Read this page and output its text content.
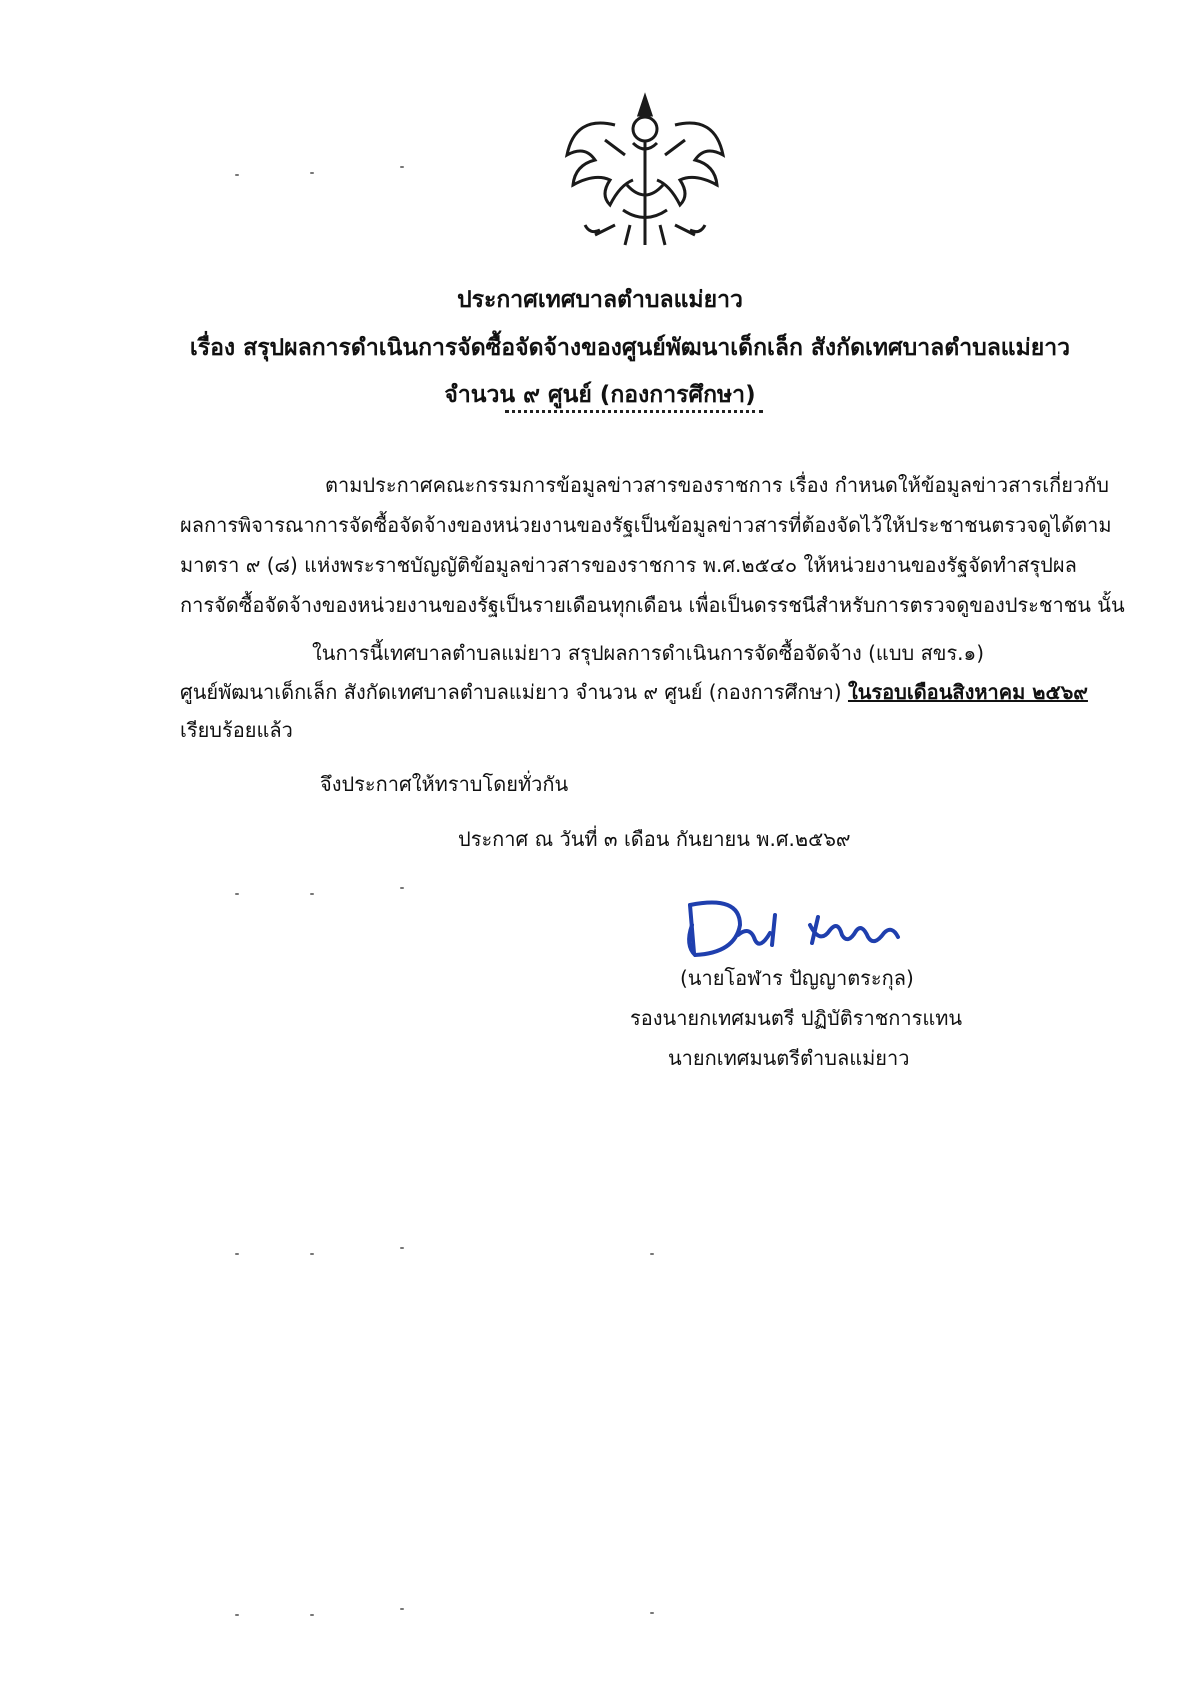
ประกาศเทศบาลตำบลแม่ยาว
เรื่อง สรุปผลการดำเนินการจัดซื้อจัดจ้างของศูนย์พัฒนาเด็กเล็ก สังกัดเทศบาลตำบลแม่ยาว
จำนวน ๙ ศูนย์ (กองการศึกษา)
ตามประกาศคณะกรรมการข้อมูลข่าวสารของราชการ เรื่อง กำหนดให้ข้อมูลข่าวสารเกี่ยวกับ
ผลการพิจารณาการจัดซื้อจัดจ้างของหน่วยงานของรัฐเป็นข้อมูลข่าวสารที่ต้องจัดไว้ให้ประชาชนตรวจดูได้ตาม
มาตรา ๙ (๘) แห่งพระราชบัญญัติข้อมูลข่าวสารของราชการ พ.ศ.๒๕๔๐ ให้หน่วยงานของรัฐจัดทำสรุปผล
การจัดซื้อจัดจ้างของหน่วยงานของรัฐเป็นรายเดือนทุกเดือน เพื่อเป็นดรรชนีสำหรับการตรวจดูของประชาชน นั้น
ในการนี้เทศบาลตำบลแม่ยาว สรุปผลการดำเนินการจัดซื้อจัดจ้าง (แบบ สขร.๑)
ศูนย์พัฒนาเด็กเล็ก สังกัดเทศบาลตำบลแม่ยาว จำนวน ๙ ศูนย์ (กองการศึกษา) ในรอบเดือนสิงหาคม ๒๕๖๙
เรียบร้อยแล้ว
จึงประกาศให้ทราบโดยทั่วกัน
ประกาศ ณ วันที่ ๓ เดือน กันยายน พ.ศ.๒๕๖๙
(นายโอฬาร ปัญญาตระกุล)
รองนายกเทศมนตรี ปฏิบัติราชการแทน
นายกเทศมนตรีตำบลแม่ยาว
